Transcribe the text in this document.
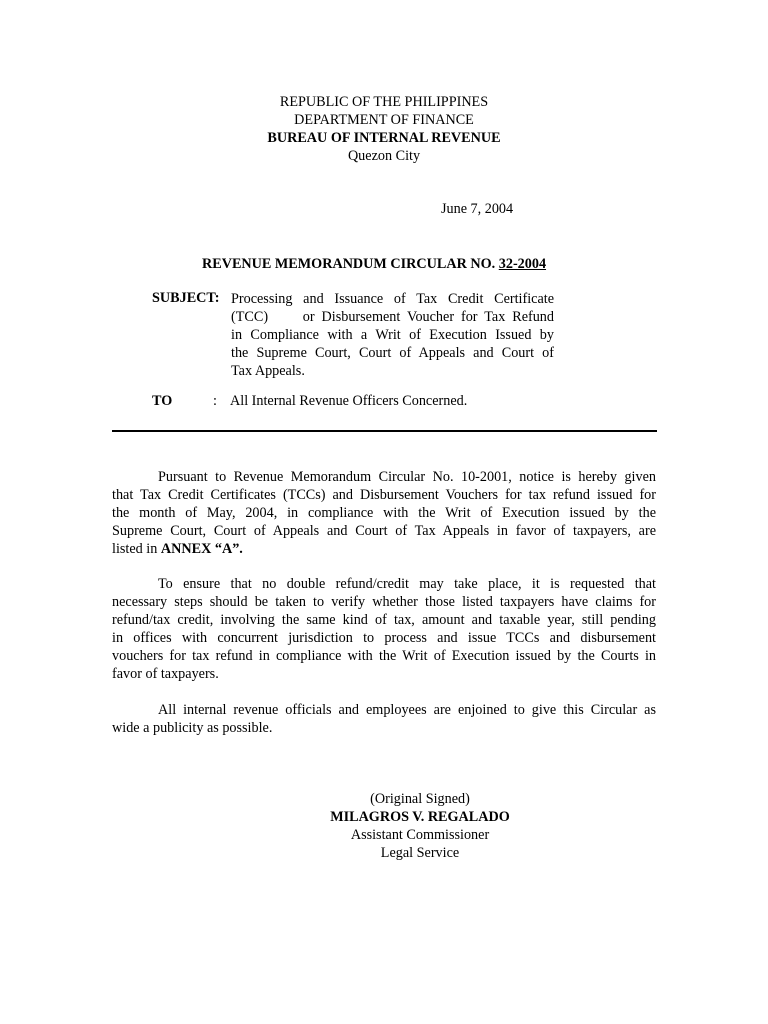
REPUBLIC OF THE PHILIPPINES
DEPARTMENT OF FINANCE
BUREAU OF INTERNAL REVENUE
Quezon City
June 7, 2004
REVENUE MEMORANDUM CIRCULAR NO. 32-2004
SUBJECT: Processing and Issuance of Tax Credit Certificate
(TCC)     or Disbursement Voucher for Tax Refund
in Compliance with a Writ of Execution Issued by
the Supreme Court, Court of Appeals and Court of
Tax Appeals.
TO	: All Internal Revenue Officers Concerned.
Pursuant to Revenue Memorandum Circular No. 10-2001, notice is hereby given
that Tax Credit Certificates (TCCs) and Disbursement Vouchers for tax refund issued for
the month of May, 2004, in compliance with the Writ of Execution issued by the
Supreme Court, Court of Appeals and Court of Tax Appeals in favor of taxpayers, are
listed in ANNEX “A”.
To ensure that no double refund/credit may take place, it is requested that
necessary steps should be taken to verify whether those listed taxpayers have claims for
refund/tax credit, involving the same kind of tax, amount and taxable year, still pending
in offices with concurrent jurisdiction to process and issue TCCs and disbursement
vouchers for tax refund in compliance with the Writ of Execution issued by the Courts in
favor of taxpayers.
All internal revenue officials and employees are enjoined to give this Circular as
wide a publicity as possible.
(Original Signed)
MILAGROS V. REGALADO
Assistant Commissioner
Legal Service
